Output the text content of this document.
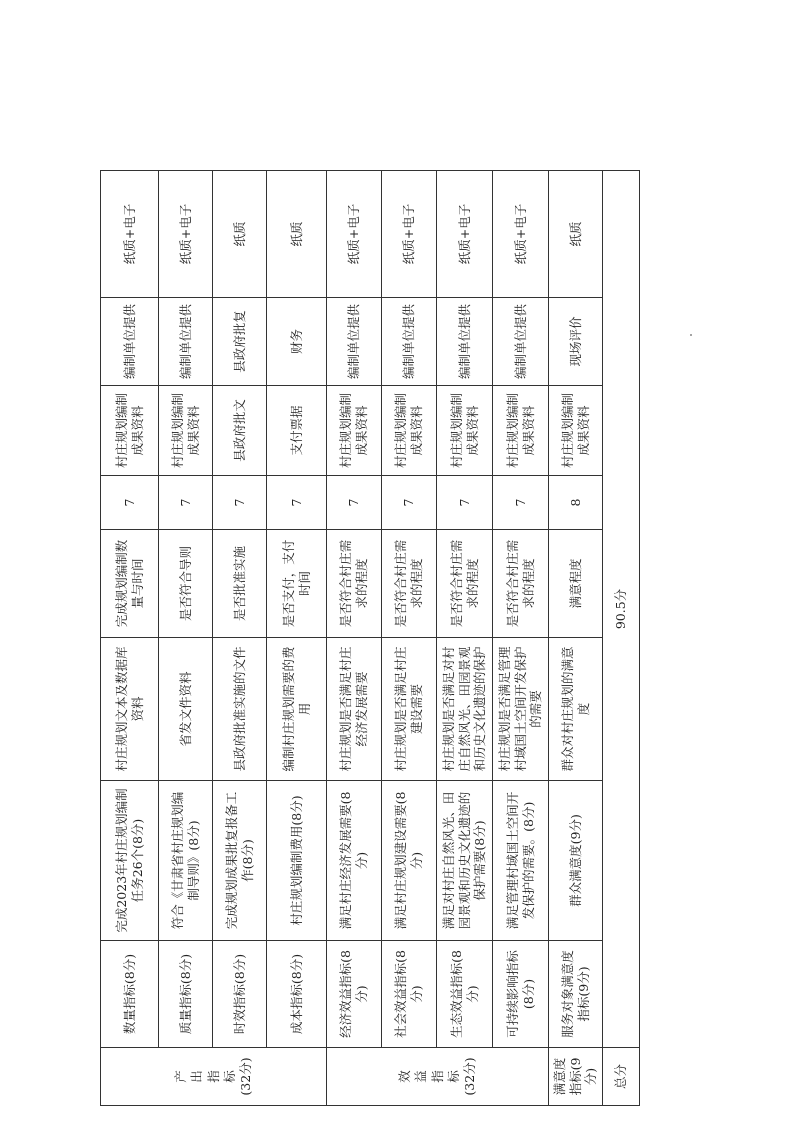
产
出
指
标
(32分)	数量指标(8分)	完成2023年村庄规划编制任务26个(8分)	村庄规划文本及数据库资料	完成规划编制数量与时间	7	村庄规划编制成果资料	编制单位提供	纸质+电子
	质量指标(8分)	符合《甘肃省村庄规划编制导则》(8分)	省发文件资料	是否符合导则	7	村庄规划编制成果资料	编制单位提供	纸质+电子
	时效指标(8分)	完成规划成果批复报备工作(8分)	县政府批准实施的文件	是否批准实施	7	县政府批文	县政府批复	纸质
	成本指标(8分)	村庄规划编制费用(8分)	编制村庄规划需要的费用	是否支付，支付时间	7	支付票据	财务	纸质
效
益
指
标
(32分)	经济效益指标(8分)	满足村庄经济发展需要(8分)	村庄规划是否满足村庄经济发展需要	是否符合村庄需求的程度	7	村庄规划编制成果资料	编制单位提供	纸质+电子
	社会效益指标(8分)	满足村庄规划建设需要(8分)	村庄规划是否满足村庄建设需要	是否符合村庄需求的程度	7	村庄规划编制成果资料	编制单位提供	纸质+电子
	生态效益指标(8分)	满足对村庄自然风光、田园景观和历史文化遗迹的保护需要(8分)	村庄规划是否满足对村庄自然风光、田园景观和历史文化遗迹的保护	是否符合村庄需求的程度	7	村庄规划编制成果资料	编制单位提供	纸质+电子
	可持续影响指标(8分)	满足管理村域国土空间开发保护的需要。(8分)	村庄规划是否满足管理村域国土空间开发保护的需要	是否符合村庄需求的程度	7	村庄规划编制成果资料	编制单位提供	纸质+电子
满意度指标(9分)	服务对象满意度指标(9分)	群众满意度(9分)	群众对村庄规划的满意度	满意程度	8	村庄规划编制成果资料	现场评价	纸质
总分	90.5分							
